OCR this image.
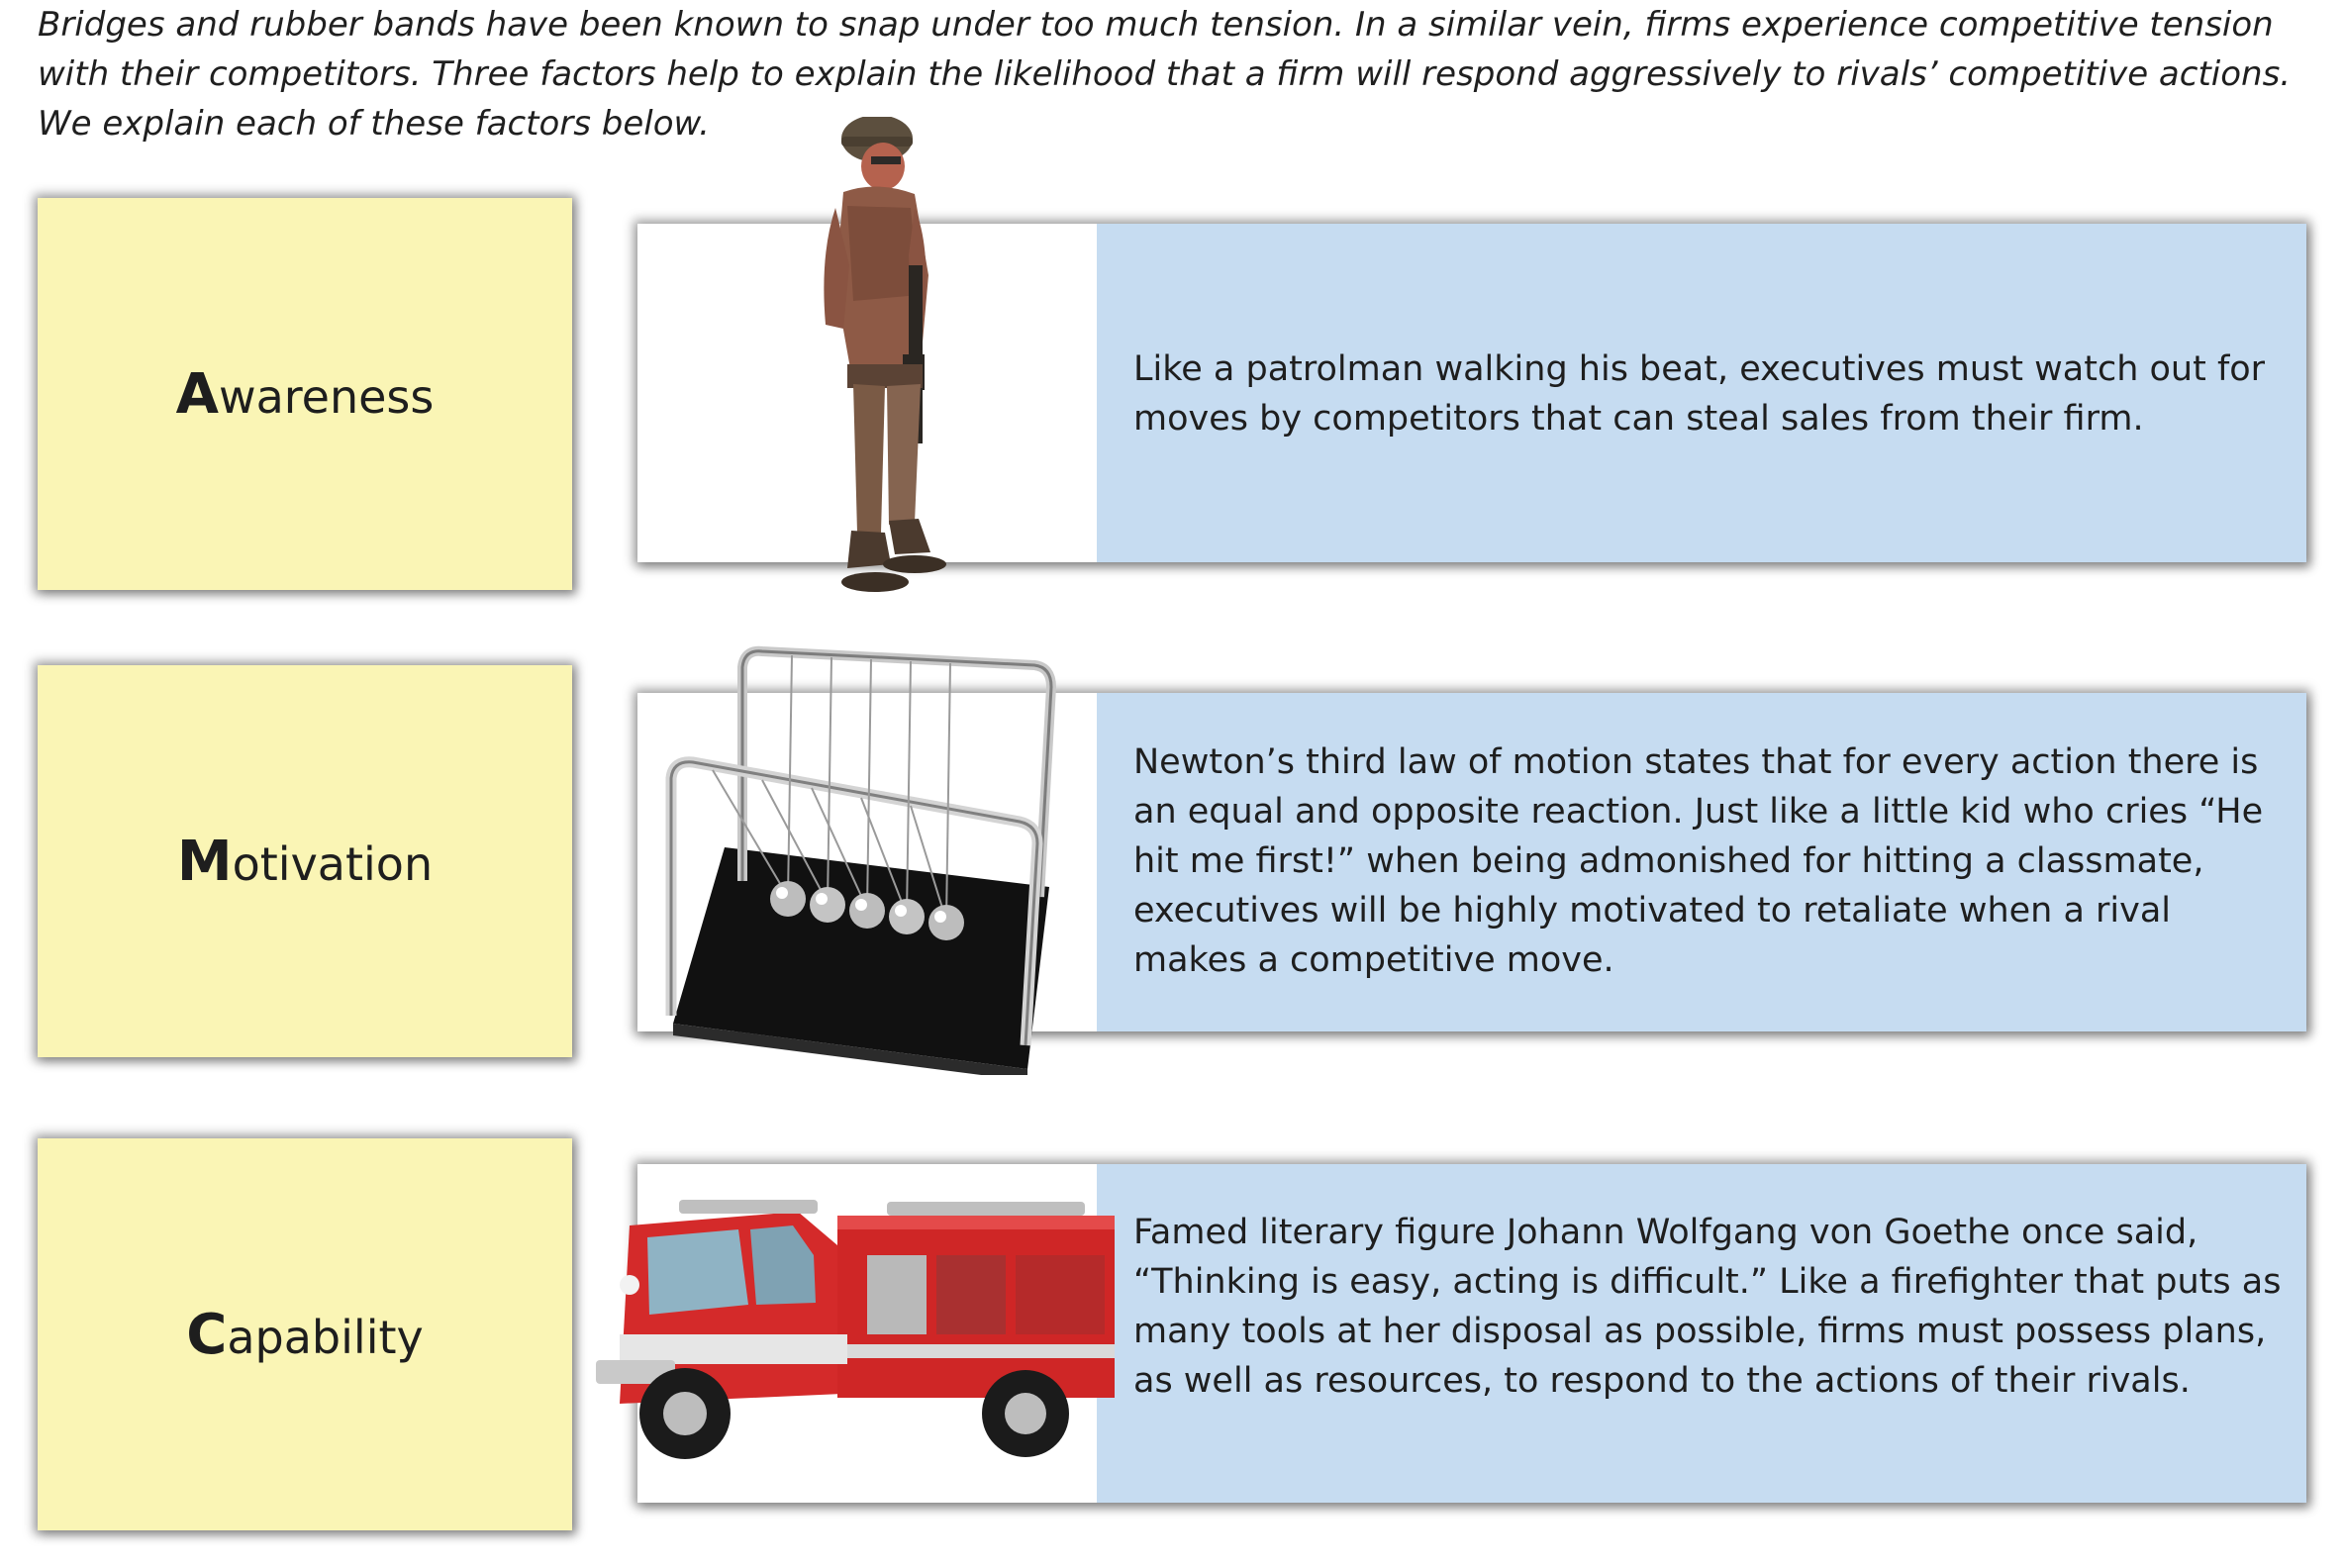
Bridges and rubber bands have been known to snap under too much tension. In a similar vein, firms experience competitive tension with their competitors. Three factors help to explain the likelihood that a firm will respond aggressively to rivals’ competitive actions. We explain each of these factors below.
Awareness
Like a patrolman walking his beat, executives must watch out for moves by competitors that can steal sales from their firm.
Motivation
Newton’s third law of motion states that for every action there is an equal and opposite reaction. Just like a little kid who cries “He hit me first!” when being admonished for hitting a classmate, executives will be highly motivated to retaliate when a rival makes a competitive move.
Capability
Famed literary figure Johann Wolfgang von Goethe once said, “Thinking is easy, acting is difficult.” Like a firefighter that puts as many tools at her disposal as possible, firms must possess plans, as well as resources, to respond to the actions of their rivals.
